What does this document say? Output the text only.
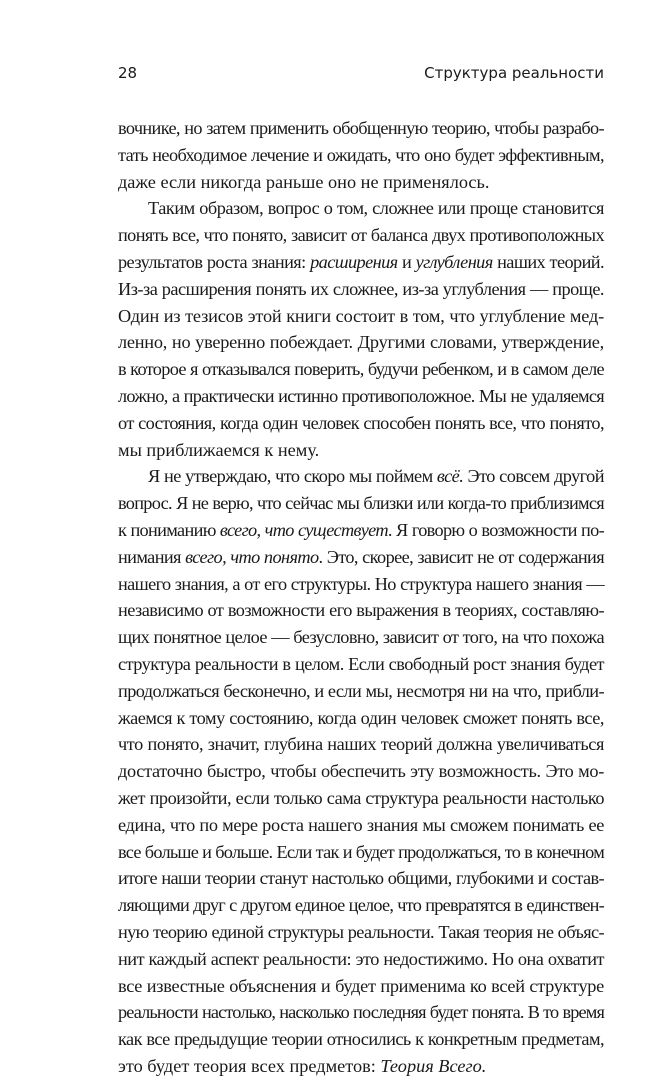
28	Структура реальности
вочнике, но затем применить обобщенную теорию, чтобы разрабо-
тать необходимое лечение и ожидать, что оно будет эффективным,
даже если никогда раньше оно не применялось.
Таким образом, вопрос о том, сложнее или проще становится
понять все, что понято, зависит от баланса двух противоположных
результатов роста знания: расширения и углубления наших теорий.
Из-за расширения понять их сложнее, из-за углубления — проще.
Один из тезисов этой книги состоит в том, что углубление мед-
ленно, но уверенно побеждает. Другими словами, утверждение,
в которое я отказывался поверить, будучи ребенком, и в самом деле
ложно, а практически истинно противоположное. Мы не удаляемся
от состояния, когда один человек способен понять все, что понято,
мы приближаемся к нему.
Я не утверждаю, что скоро мы поймем всё. Это совсем другой
вопрос. Я не верю, что сейчас мы близки или когда-то приблизимся
к пониманию всего, что существует. Я говорю о возможности по-
нимания всего, что понято. Это, скорее, зависит не от содержания
нашего знания, а от его структуры. Но структура нашего знания —
независимо от возможности его выражения в теориях, составляю-
щих понятное целое — безусловно, зависит от того, на что похожа
структура реальности в целом. Если свободный рост знания будет
продолжаться бесконечно, и если мы, несмотря ни на что, прибли-
жаемся к тому состоянию, когда один человек сможет понять все,
что понято, значит, глубина наших теорий должна увеличиваться
достаточно быстро, чтобы обеспечить эту возможность. Это мо-
жет произойти, если только сама структура реальности настолько
едина, что по мере роста нашего знания мы сможем понимать ее
все больше и больше. Если так и будет продолжаться, то в конечном
итоге наши теории станут настолько общими, глубокими и состав-
ляющими друг с другом единое целое, что превратятся в единствен-
ную теорию единой структуры реальности. Такая теория не объяс-
нит каждый аспект реальности: это недостижимо. Но она охватит
все известные объяснения и будет применима ко всей структуре
реальности настолько, насколько последняя будет понята. В то время
как все предыдущие теории относились к конкретным предметам,
это будет теория всех предметов: Теория Всего.
